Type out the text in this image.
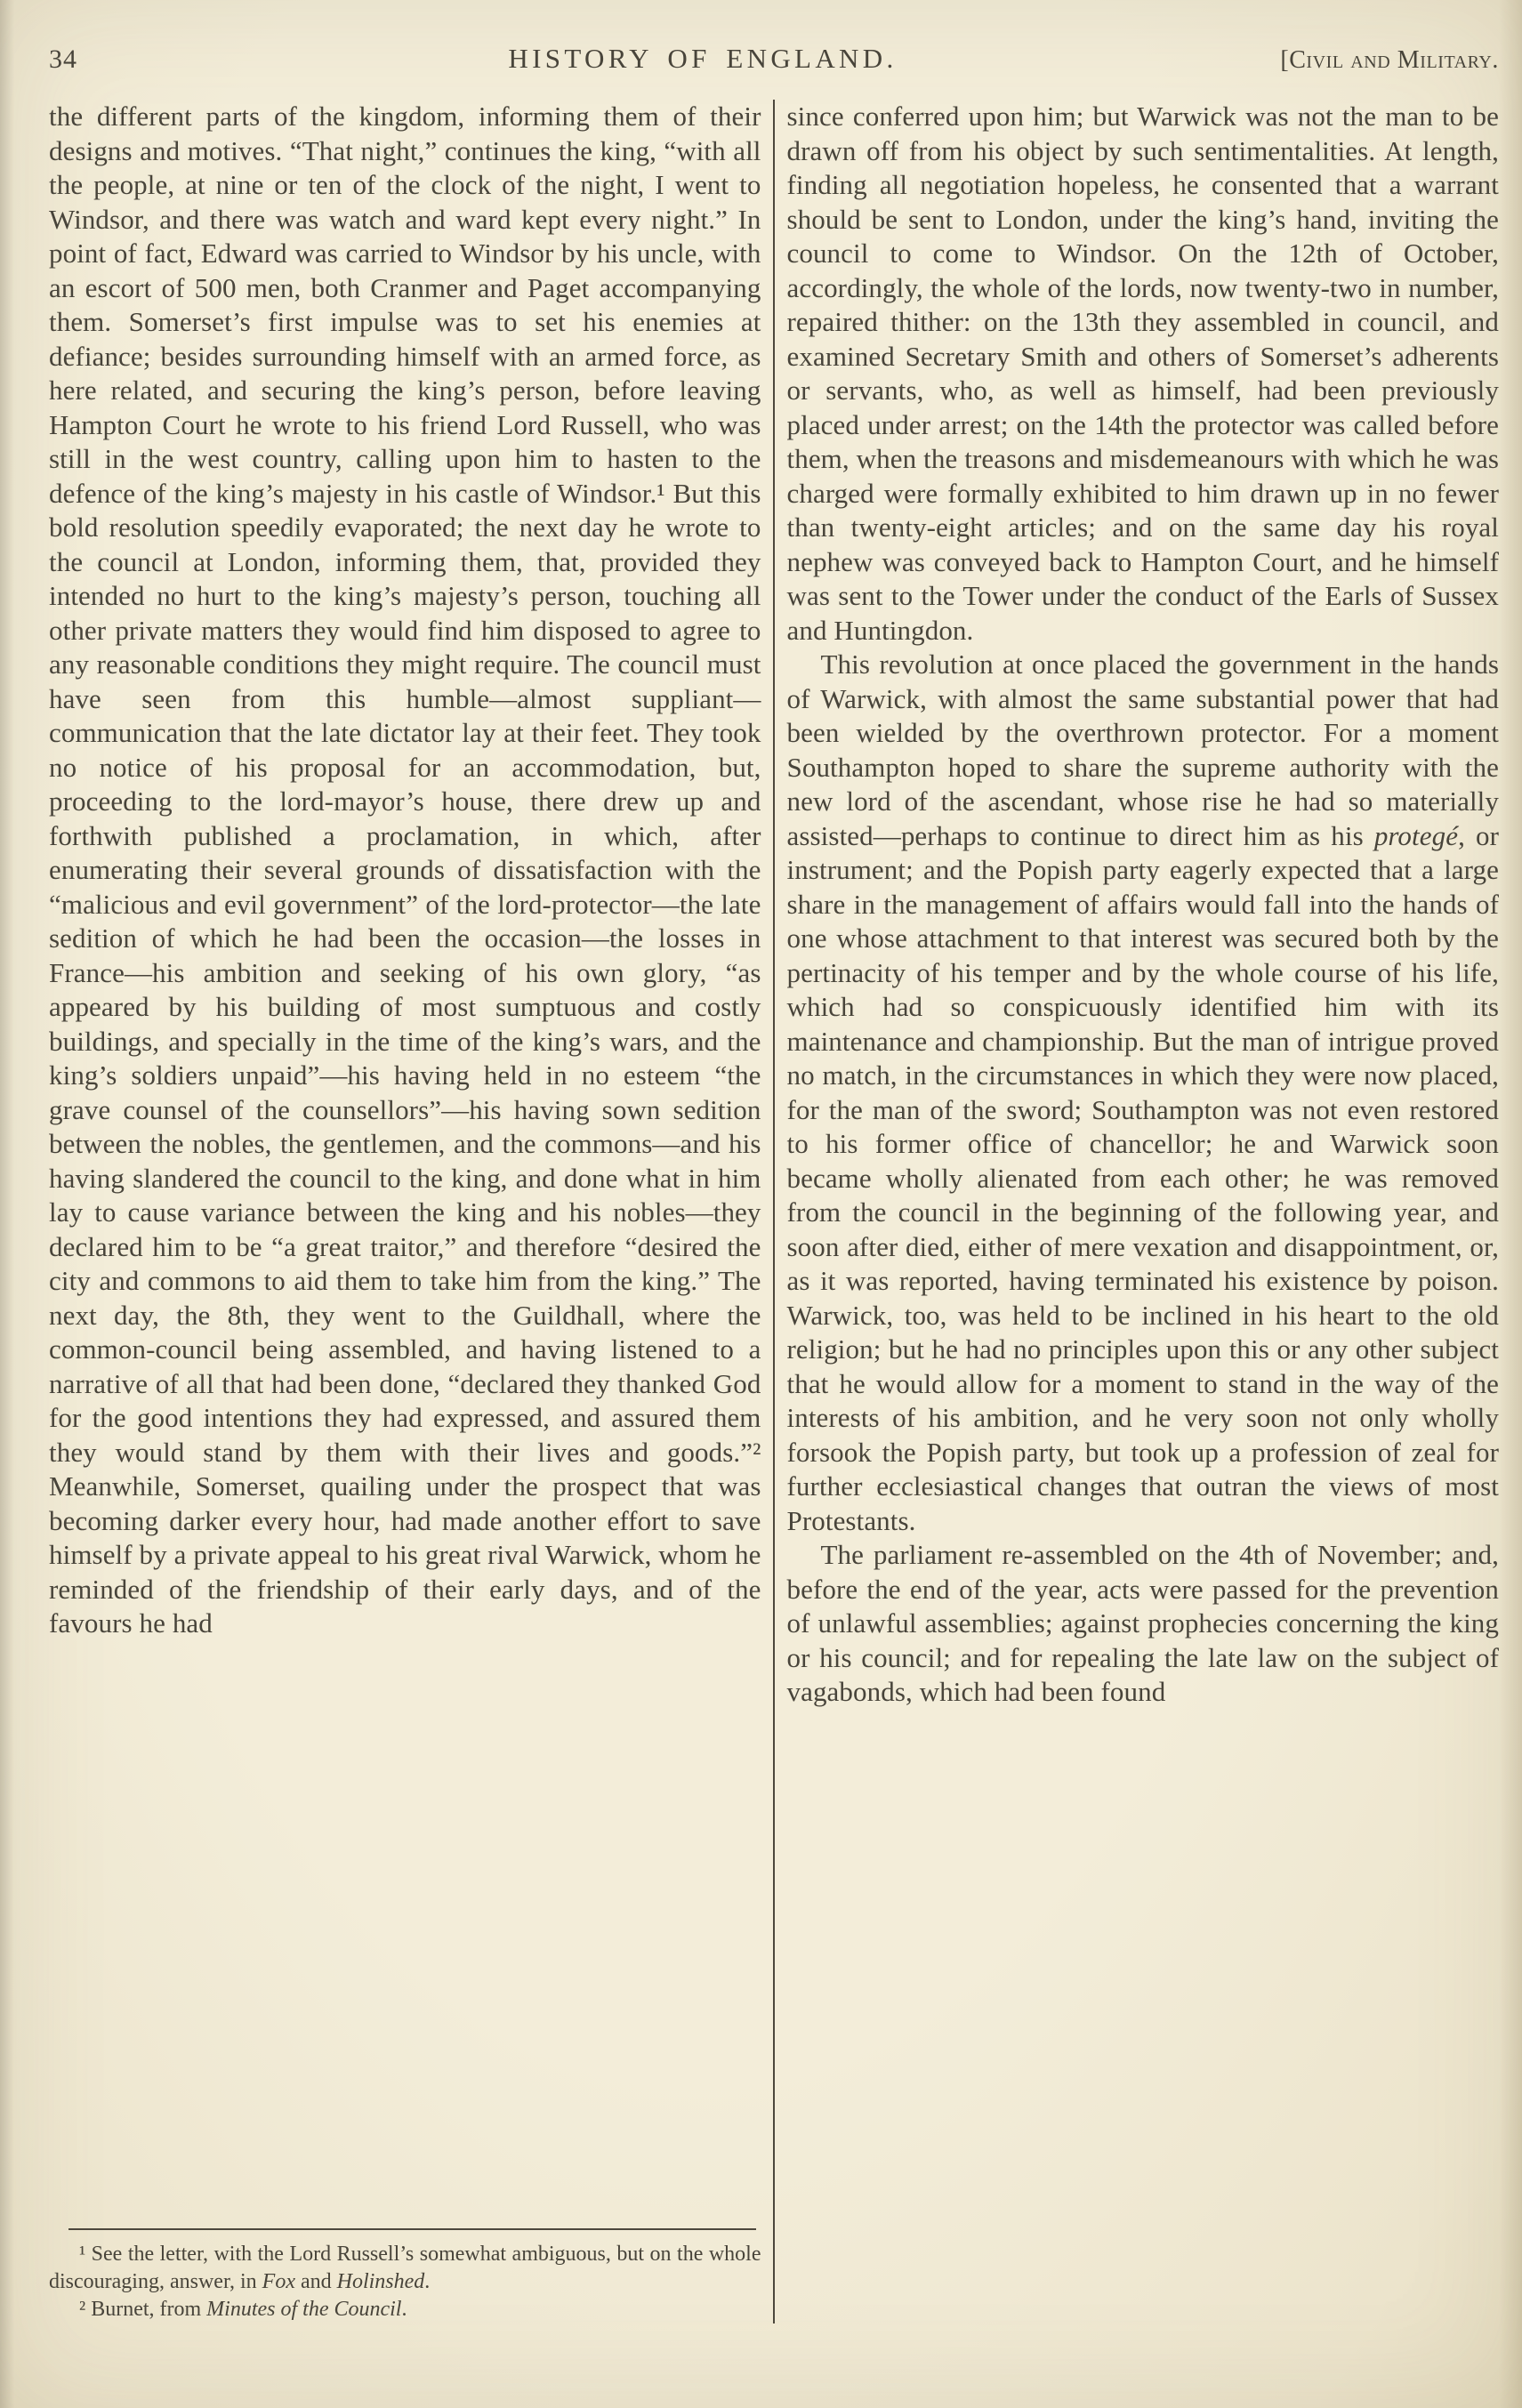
34	HISTORY OF ENGLAND.	[Civil and Military.

the different parts of the kingdom, informing them of their designs and motives. “That night,” continues the king, “with all the people, at nine or ten of the clock of the night, I went to Windsor, and there was watch and ward kept every night.” In point of fact, Edward was carried to Windsor by his uncle, with an escort of 500 men, both Cranmer and Paget accompanying them. Somerset’s first impulse was to set his enemies at defiance; besides surrounding himself with an armed force, as here related, and securing the king’s person, before leaving Hampton Court he wrote to his friend Lord Russell, who was still in the west country, calling upon him to hasten to the defence of the king’s majesty in his castle of Windsor.¹ But this bold resolution speedily evaporated; the next day he wrote to the council at London, informing them, that, provided they intended no hurt to the king’s majesty’s person, touching all other private matters they would find him disposed to agree to any reasonable conditions they might require. The council must have seen from this humble—almost suppliant—communication that the late dictator lay at their feet. They took no notice of his proposal for an accommodation, but, proceeding to the lord-mayor’s house, there drew up and forthwith published a proclamation, in which, after enumerating their several grounds of dissatisfaction with the “malicious and evil government” of the lord-protector—the late sedition of which he had been the occasion—the losses in France—his ambition and seeking of his own glory, “as appeared by his building of most sumptuous and costly buildings, and specially in the time of the king’s wars, and the king’s soldiers unpaid”—his having held in no esteem “the grave counsel of the counsellors”—his having sown sedition between the nobles, the gentlemen, and the commons—and his having slandered the council to the king, and done what in him lay to cause variance between the king and his nobles—they declared him to be “a great traitor,” and therefore “desired the city and commons to aid them to take him from the king.” The next day, the 8th, they went to the Guildhall, where the common-council being assembled, and having listened to a narrative of all that had been done, “declared they thanked God for the good intentions they had expressed, and assured them they would stand by them with their lives and goods.”² Meanwhile, Somerset, quailing under the prospect that was becoming darker every hour, had made another effort to save himself by a private appeal to his great rival Warwick, whom he reminded of the friendship of their early days, and of the favours he had

¹ See the letter, with the Lord Russell’s somewhat ambiguous, but on the whole discouraging, answer, in Fox and Holinshed.

² Burnet, from Minutes of the Council.

since conferred upon him; but Warwick was not the man to be drawn off from his object by such sentimentalities. At length, finding all negotiation hopeless, he consented that a warrant should be sent to London, under the king’s hand, inviting the council to come to Windsor. On the 12th of October, accordingly, the whole of the lords, now twenty-two in number, repaired thither: on the 13th they assembled in council, and examined Secretary Smith and others of Somerset’s adherents or servants, who, as well as himself, had been previously placed under arrest; on the 14th the protector was called before them, when the treasons and misdemeanours with which he was charged were formally exhibited to him drawn up in no fewer than twenty-eight articles; and on the same day his royal nephew was conveyed back to Hampton Court, and he himself was sent to the Tower under the conduct of the Earls of Sussex and Huntingdon.

This revolution at once placed the government in the hands of Warwick, with almost the same substantial power that had been wielded by the overthrown protector. For a moment Southampton hoped to share the supreme authority with the new lord of the ascendant, whose rise he had so materially assisted—perhaps to continue to direct him as his protegé, or instrument; and the Popish party eagerly expected that a large share in the management of affairs would fall into the hands of one whose attachment to that interest was secured both by the pertinacity of his temper and by the whole course of his life, which had so conspicuously identified him with its maintenance and championship. But the man of intrigue proved no match, in the circumstances in which they were now placed, for the man of the sword; Southampton was not even restored to his former office of chancellor; he and Warwick soon became wholly alienated from each other; he was removed from the council in the beginning of the following year, and soon after died, either of mere vexation and disappointment, or, as it was reported, having terminated his existence by poison. Warwick, too, was held to be inclined in his heart to the old religion; but he had no principles upon this or any other subject that he would allow for a moment to stand in the way of the interests of his ambition, and he very soon not only wholly forsook the Popish party, but took up a profession of zeal for further ecclesiastical changes that outran the views of most Protestants.

The parliament re-assembled on the 4th of November; and, before the end of the year, acts were passed for the prevention of unlawful assemblies; against prophecies concerning the king or his council; and for repealing the late law on the subject of vagabonds, which had been found
